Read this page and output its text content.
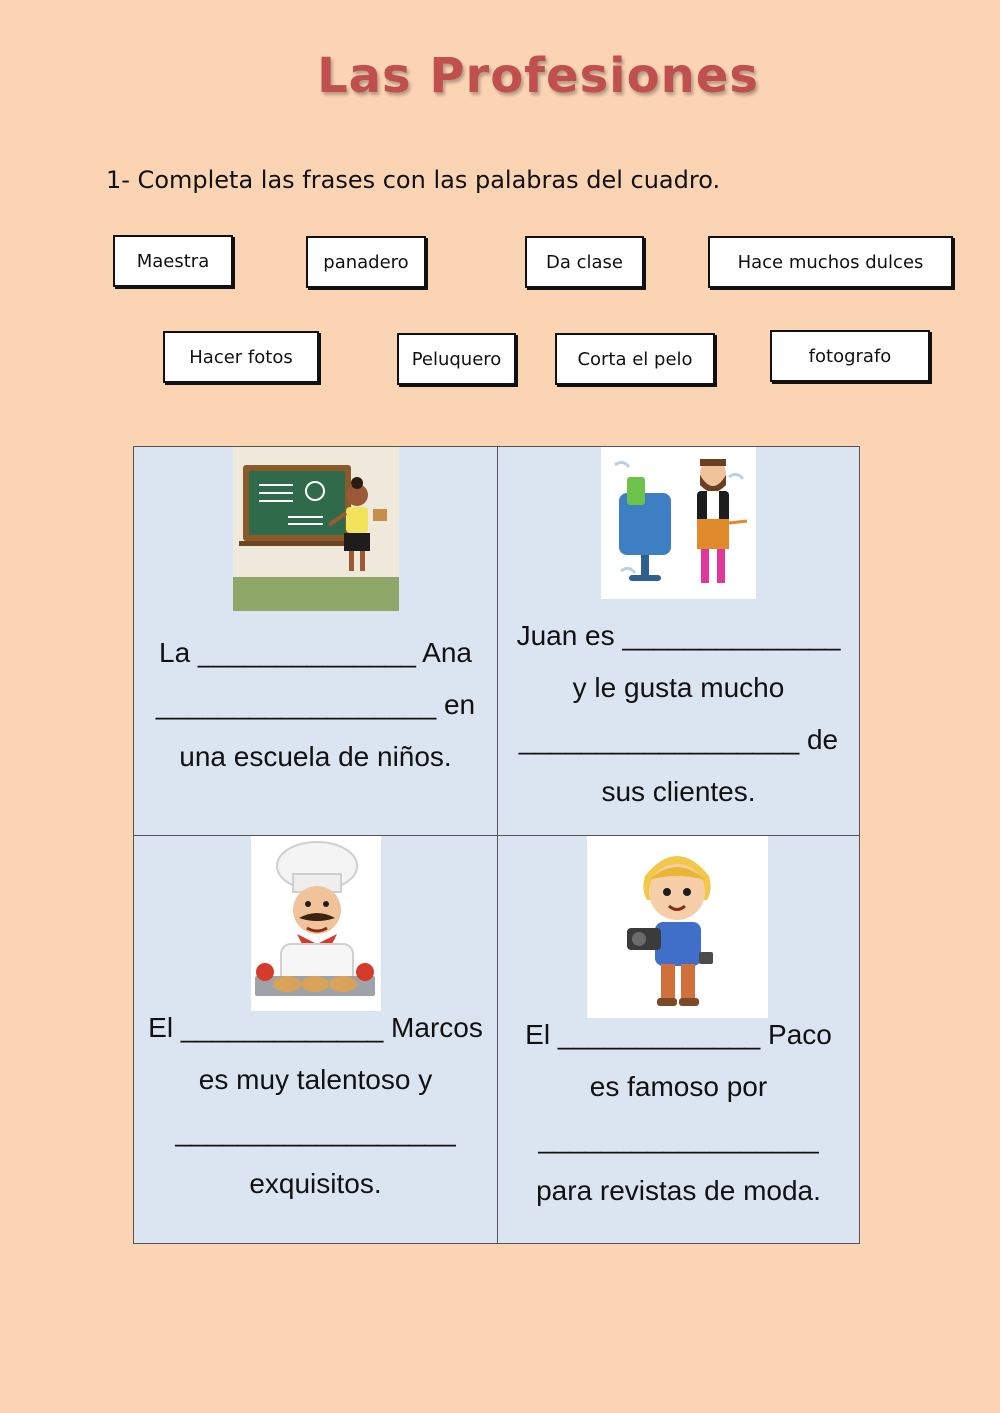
Las Profesiones
1- Completa las frases con las palabras del cuadro.
Maestra	panadero	Da clase	Hace muchos dulces
Hacer fotos	Peluquero	Corta el pelo	fotografo
La ______________ Ana
__________________ en
una escuela de niños.
Juan es ______________
y le gusta mucho
__________________ de
sus clientes.
El _____________ Marcos
es muy talentoso y
__________________
exquisitos.
El _____________ Paco
es famoso por
__________________
para revistas de moda.
